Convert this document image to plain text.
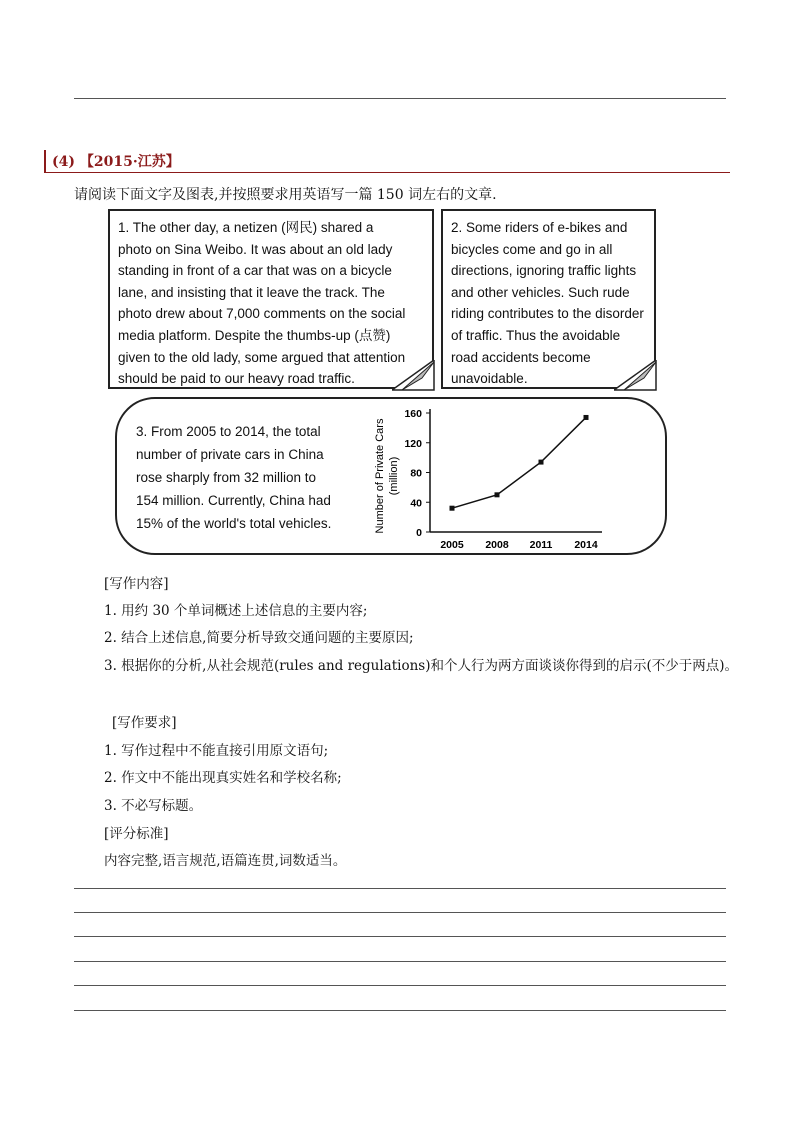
(4) 【2015·江苏】
请阅读下面文字及图表,并按照要求用英语写一篇 150 词左右的文章.
1. The other day, a netizen (网民) shared a
photo on Sina Weibo. It was about an old lady
standing in front of a car that was on a bicycle
lane, and insisting that it leave the track. The
photo drew about 7,000 comments on the social
media platform. Despite the thumbs-up (点赞)
given to the old lady, some argued that attention
should be paid to our heavy road traffic.
2. Some riders of e-bikes and
bicycles come and go in all
directions, ignoring traffic lights
and other vehicles. Such rude
riding contributes to the disorder
of traffic. Thus the avoidable
road accidents become
unavoidable.
3. From 2005 to 2014, the total
number of private cars in China
rose sharply from 32 million to
154 million. Currently, China had
15% of the world's total vehicles.	Number of Private Cars (million)
0
40
80
120
160
2005 2008 2011 2014
[写作内容]
1. 用约 30 个单词概述上述信息的主要内容;
2. 结合上述信息,简要分析导致交通问题的主要原因;
3. 根据你的分析,从社会规范(rules and regulations)和个人行为两方面谈谈你得到的启示(不少于两点)。
[写作要求]
1. 写作过程中不能直接引用原文语句;
2. 作文中不能出现真实姓名和学校名称;
3. 不必写标题。
[评分标准]
内容完整,语言规范,语篇连贯,词数适当。
